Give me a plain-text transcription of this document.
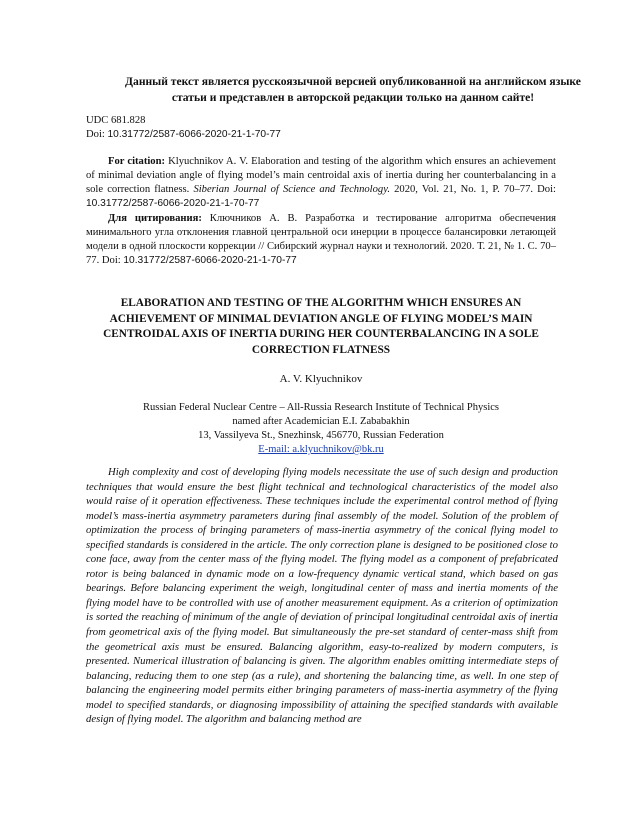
Данный текст является русскоязычной версией опубликованной на английском языке статьи и представлен в авторской редакции только на данном сайте!
UDC 681.828
Doi: 10.31772/2587-6066-2020-21-1-70-77
For citation: Klyuchnikov A. V. Elaboration and testing of the algorithm which ensures an achievement of minimal deviation angle of flying model’s main centroidal axis of inertia during her counterbalancing in a sole correction flatness. Siberian Journal of Science and Technology. 2020, Vol. 21, No. 1, P. 70–77. Doi: 10.31772/2587-6066-2020-21-1-70-77
Для цитирования: Ключников А. В. Разработка и тестирование алгоритма обеспечения минимального угла отклонения главной центральной оси инерции в процессе балансировки летающей модели в одной плоскости коррекции // Сибирский журнал науки и технологий. 2020. Т. 21, № 1. С. 70–77. Doi: 10.31772/2587-6066-2020-21-1-70-77
ELABORATION AND TESTING OF THE ALGORITHM WHICH ENSURES AN ACHIEVEMENT OF MINIMAL DEVIATION ANGLE OF FLYING MODEL’S MAIN CENTROIDAL AXIS OF INERTIA DURING HER COUNTERBALANCING IN A SOLE CORRECTION FLATNESS
A. V. Klyuchnikov
Russian Federal Nuclear Centre – All-Russia Research Institute of Technical Physics
named after Academician E.I. Zababakhin
13, Vassilyeva St., Snezhinsk, 456770, Russian Federation
E-mail: a.klyuchnikov@bk.ru
High complexity and cost of developing flying models necessitate the use of such design and production techniques that would ensure the best flight technical and technological characteristics of the model also would raise of it operation effectiveness. These techniques include the experimental control method of flying model’s mass-inertia asymmetry parameters during final assembly of the model. Solution of the problem of optimization the process of bringing parameters of mass-inertia asymmetry of the conical flying model to specified standards is considered in the article. The only correction plane is designed to be positioned close to cone face, away from the center mass of the flying model. The flying model as a component of prefabricated rotor is being balanced in dynamic mode on a low-frequency dynamic vertical stand, which based on gas bearings. Before balancing experiment the weigh, longitudinal center of mass and inertia moments of the flying model have to be controlled with use of another measurement equipment. As a criterion of optimization is sorted the reaching of minimum of the angle of deviation of principal longitudinal centroidal axis of inertia from geometrical axis of the flying model. But simultaneously the pre-set standard of center-mass shift from the geometrical axis must be ensured. Balancing algorithm, easy-to-realized by modern computers, is presented. Numerical illustration of balancing is given. The algorithm enables omitting intermediate steps of balancing, reducing them to one step (as a rule), and shortening the balancing time, as well. In one step of balancing the engineering model permits either bringing parameters of mass-inertia asymmetry of the flying model to specified standards, or diagnosing impossibility of attaining the specified standards with available design of flying model. The algorithm and balancing method are
